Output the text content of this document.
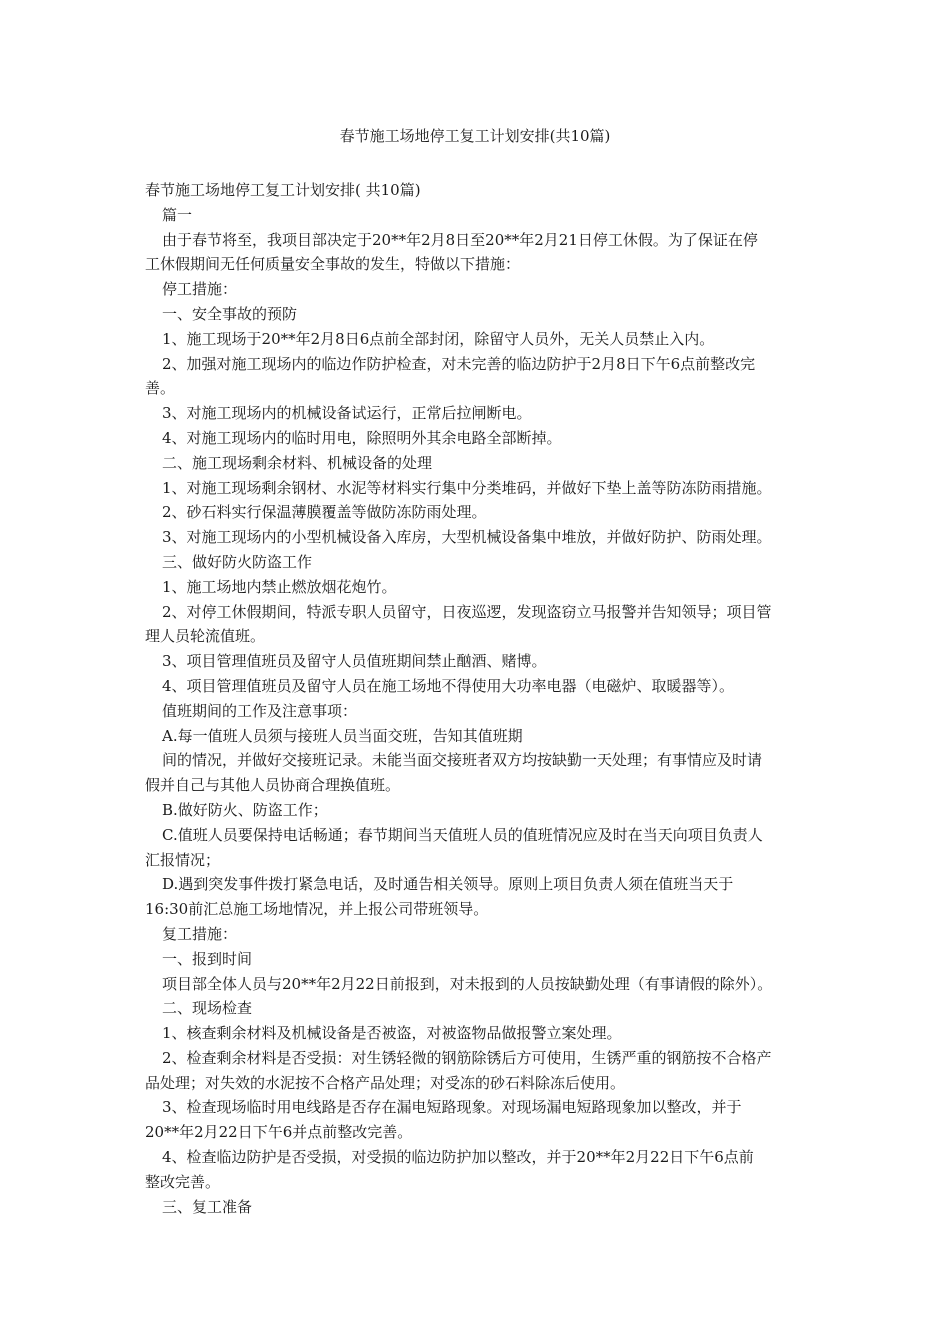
春节施工场地停工复工计划安排(共10篇)

春节施工场地停工复工计划安排( 共10篇)

篇一

由于春节将至，我项目部决定于20**年2月8日至20**年2月21日停工休假。为了保证在停

工休假期间无任何质量安全事故的发生，特做以下措施：

停工措施：

一、安全事故的预防

1、施工现场于20**年2月8日6点前全部封闭，除留守人员外，无关人员禁止入内。

2、加强对施工现场内的临边作防护检查，对未完善的临边防护于2月8日下午6点前整改完

善。

3、对施工现场内的机械设备试运行，正常后拉闸断电。

4、对施工现场内的临时用电，除照明外其余电路全部断掉。

二、施工现场剩余材料、机械设备的处理

1、对施工现场剩余钢材、水泥等材料实行集中分类堆码，并做好下垫上盖等防冻防雨措施。

2、砂石料实行保温薄膜覆盖等做防冻防雨处理。

3、对施工现场内的小型机械设备入库房，大型机械设备集中堆放，并做好防护、防雨处理。

三、做好防火防盗工作

1、施工场地内禁止燃放烟花炮竹。

2、对停工休假期间，特派专职人员留守，日夜巡逻，发现盗窃立马报警并告知领导；项目管

理人员轮流值班。

3、项目管理值班员及留守人员值班期间禁止酗酒、赌博。

4、项目管理值班员及留守人员在施工场地不得使用大功率电器（电磁炉、取暖器等）。

值班期间的工作及注意事项：

A.每一值班人员须与接班人员当面交班，告知其值班期

间的情况，并做好交接班记录。未能当面交接班者双方均按缺勤一天处理；有事情应及时请

假并自己与其他人员协商合理换值班。

B.做好防火、防盗工作；

C.值班人员要保持电话畅通；春节期间当天值班人员的值班情况应及时在当天向项目负责人

汇报情况；

D.遇到突发事件拨打紧急电话，及时通告相关领导。原则上项目负责人须在值班当天于

16:30前汇总施工场地情况，并上报公司带班领导。

复工措施：

一、报到时间

项目部全体人员与20**年2月22日前报到，对未报到的人员按缺勤处理（有事请假的除外）。

二、现场检查

1、核查剩余材料及机械设备是否被盗，对被盗物品做报警立案处理。

2、检查剩余材料是否受损：对生锈轻微的钢筋除锈后方可使用，生锈严重的钢筋按不合格产

品处理；对失效的水泥按不合格产品处理；对受冻的砂石料除冻后使用。

3、检查现场临时用电线路是否存在漏电短路现象。对现场漏电短路现象加以整改，并于

20**年2月22日下午6并点前整改完善。

4、检查临边防护是否受损，对受损的临边防护加以整改，并于20**年2月22日下午6点前

整改完善。

三、复工准备
